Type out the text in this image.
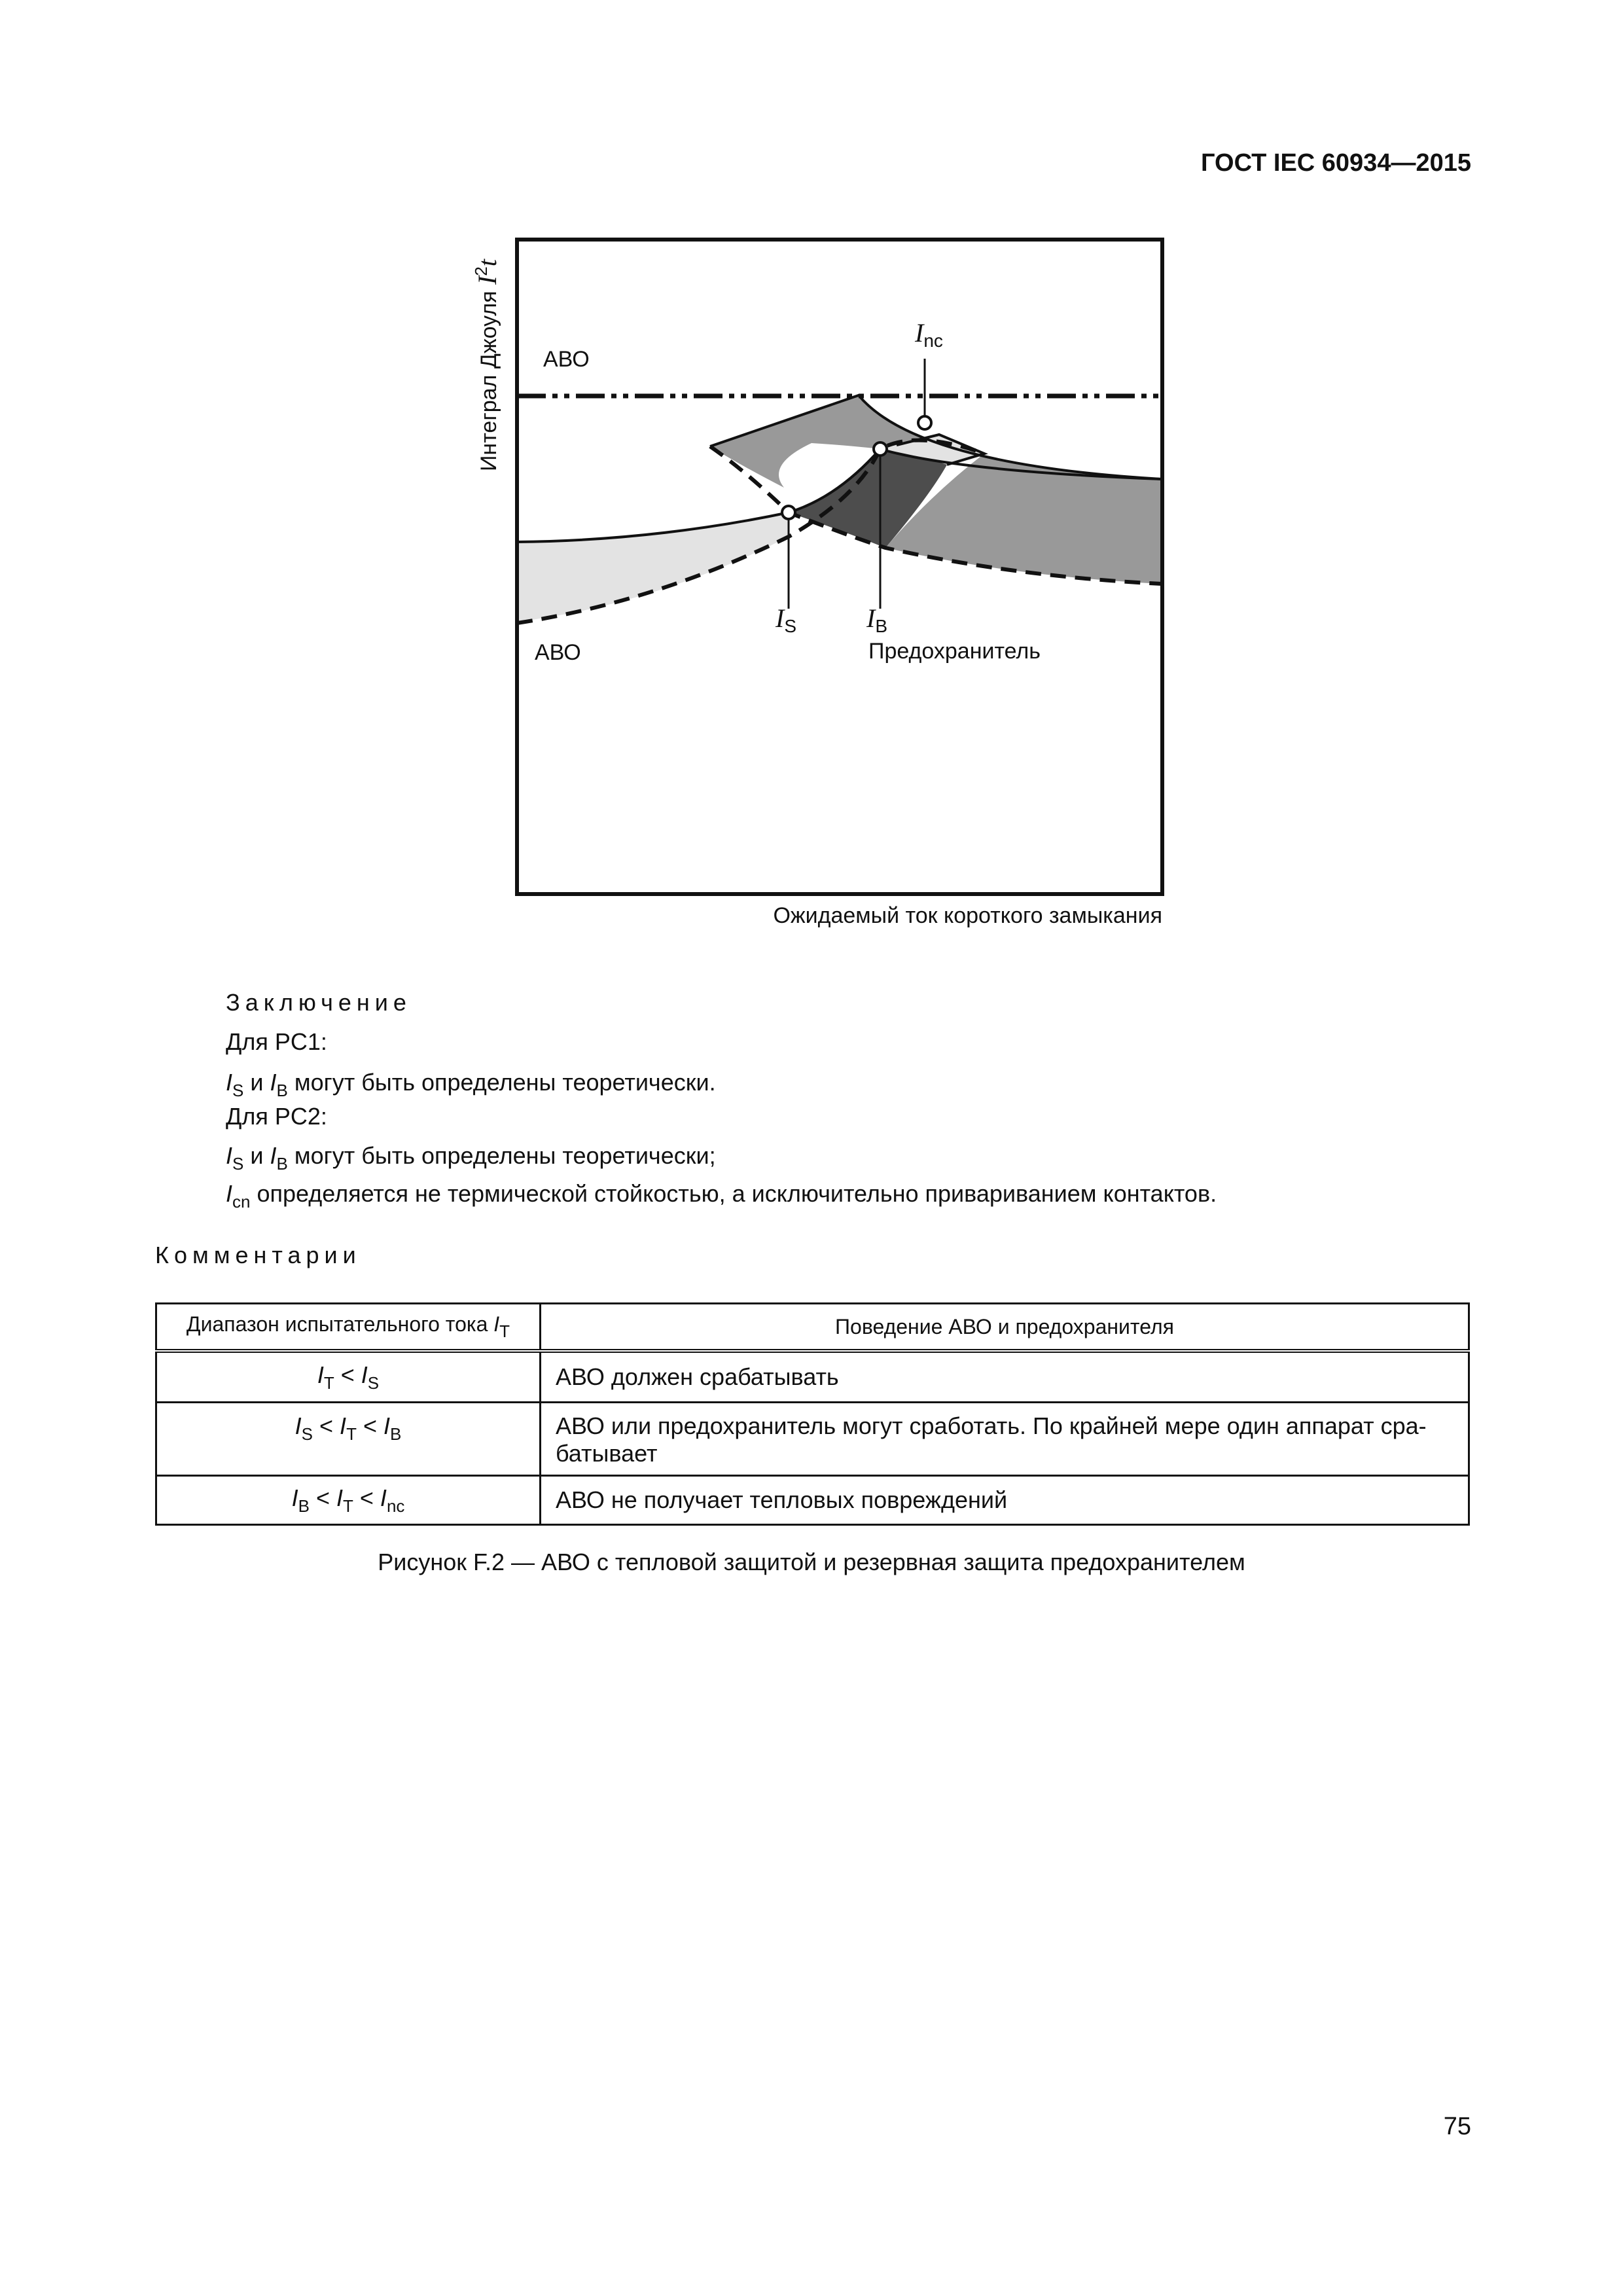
ГОСТ IEC 60934—2015
АВО
АВО	Предохранитель
$I_S$	$I_B$
$I_{nc}$
Интеграл Джоуля $I^2t$
Ожидаемый ток короткого замыкания
Заключение
Для PC1:
$I_S$ и $I_B$ могут быть определены теоретически.
Для PC2:
$I_S$ и $I_B$ могут быть определены теоретически;
$I_{cn}$ определяется не термической стойкостью, а исключительно привариванием контактов.
Комментарии
Диапазон испытательного тока $I_T$	Поведение АВО и предохранителя
$I_T < I_S$	АВО должен срабатывать
$I_S < I_T < I_B$	АВО или предохранитель могут сработать. По крайней мере один аппарат сра-
батывает

$I_B < I_T < I_{nc}$	АВО не получает тепловых повреждений
Рисунок F.2 — АВО с тепловой защитой и резервная защита предохранителем
75
